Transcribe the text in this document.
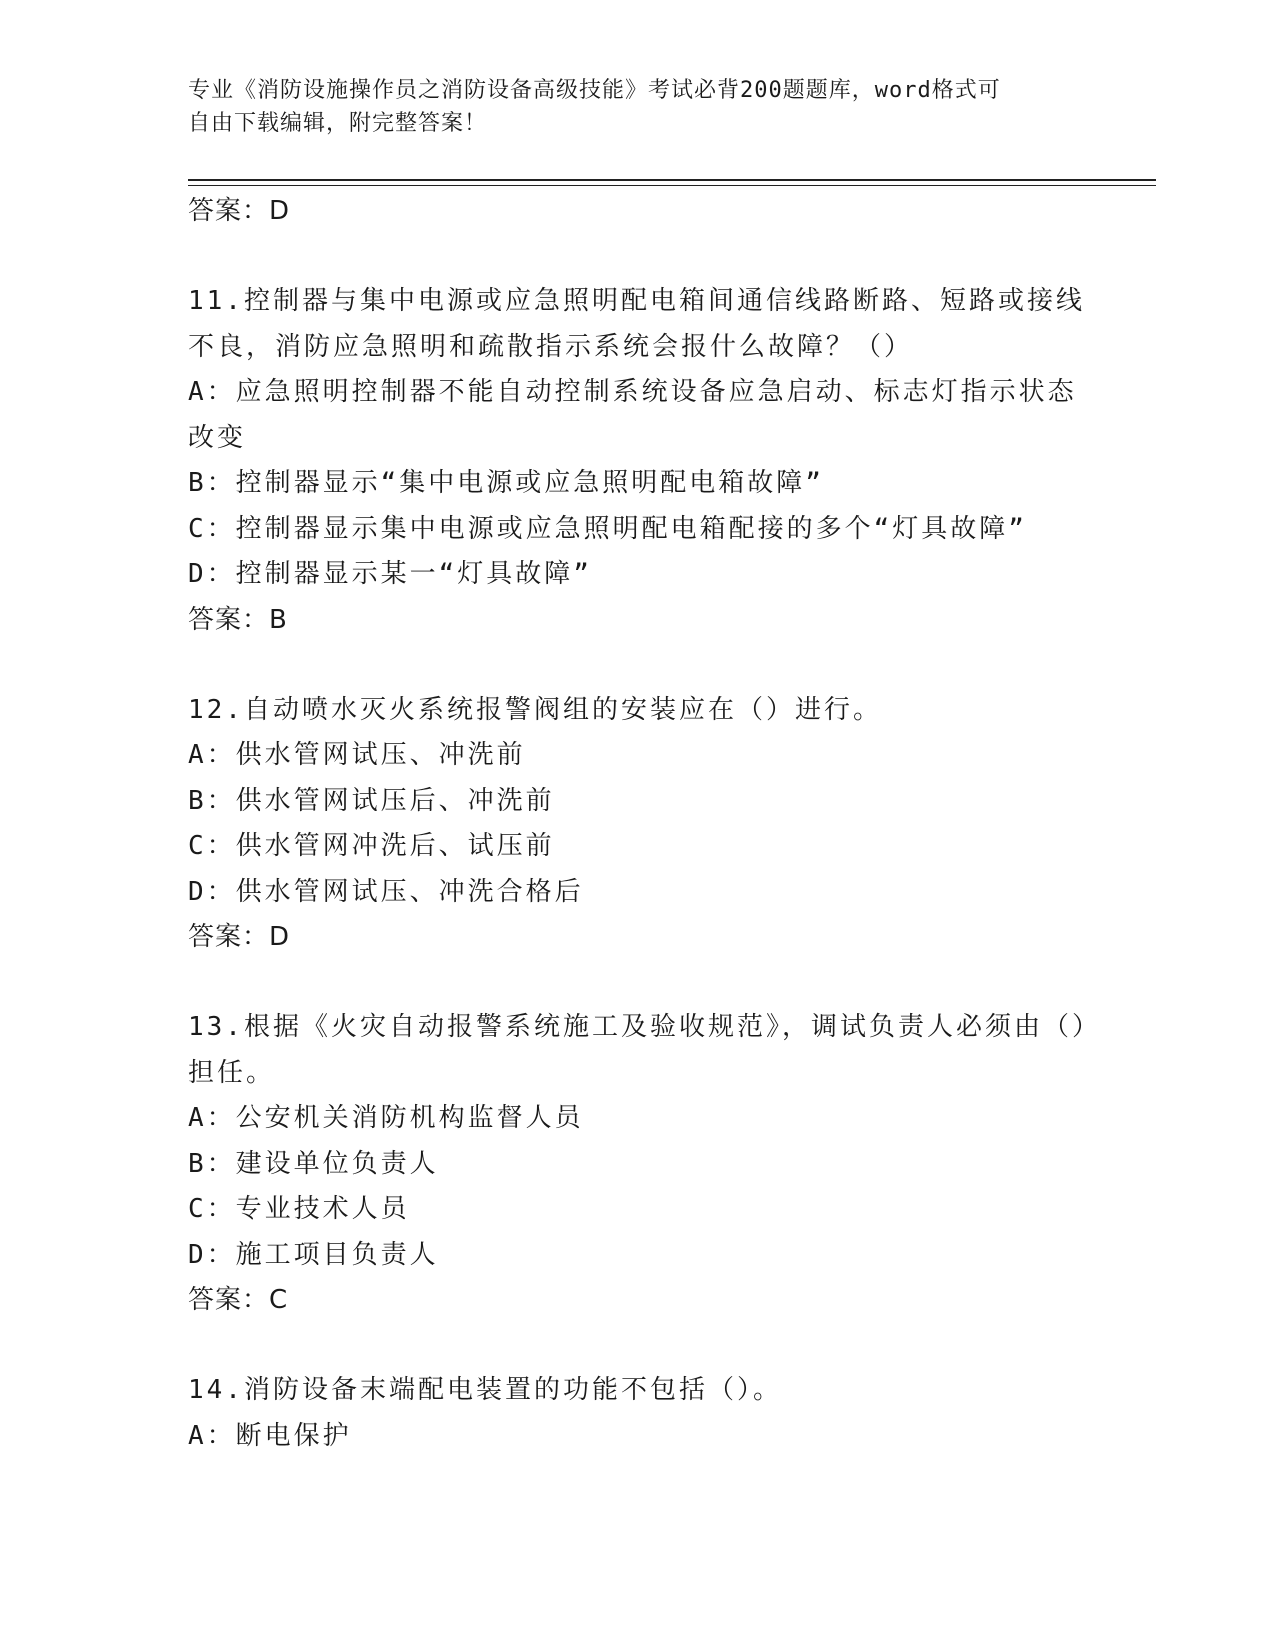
专业《消防设施操作员之消防设备高级技能》考试必背200题题库，word格式可
自由下载编辑，附完整答案！
答案：D
11.控制器与集中电源或应急照明配电箱间通信线路断路、短路或接线不良，消防应急照明和疏散指示系统会报什么故障？（）
A：应急照明控制器不能自动控制系统设备应急启动、标志灯指示状态改变
B：控制器显示“集中电源或应急照明配电箱故障”
C：控制器显示集中电源或应急照明配电箱配接的多个“灯具故障”
D：控制器显示某一“灯具故障”
答案：B
12.自动喷水灭火系统报警阀组的安装应在（）进行。
A：供水管网试压、冲洗前
B：供水管网试压后、冲洗前
C：供水管网冲洗后、试压前
D：供水管网试压、冲洗合格后
答案：D
13.根据《火灾自动报警系统施工及验收规范》，调试负责人必须由（）担任。
A：公安机关消防机构监督人员
B：建设单位负责人
C：专业技术人员
D：施工项目负责人
答案：C
14.消防设备末端配电装置的功能不包括（）。
A：断电保护
